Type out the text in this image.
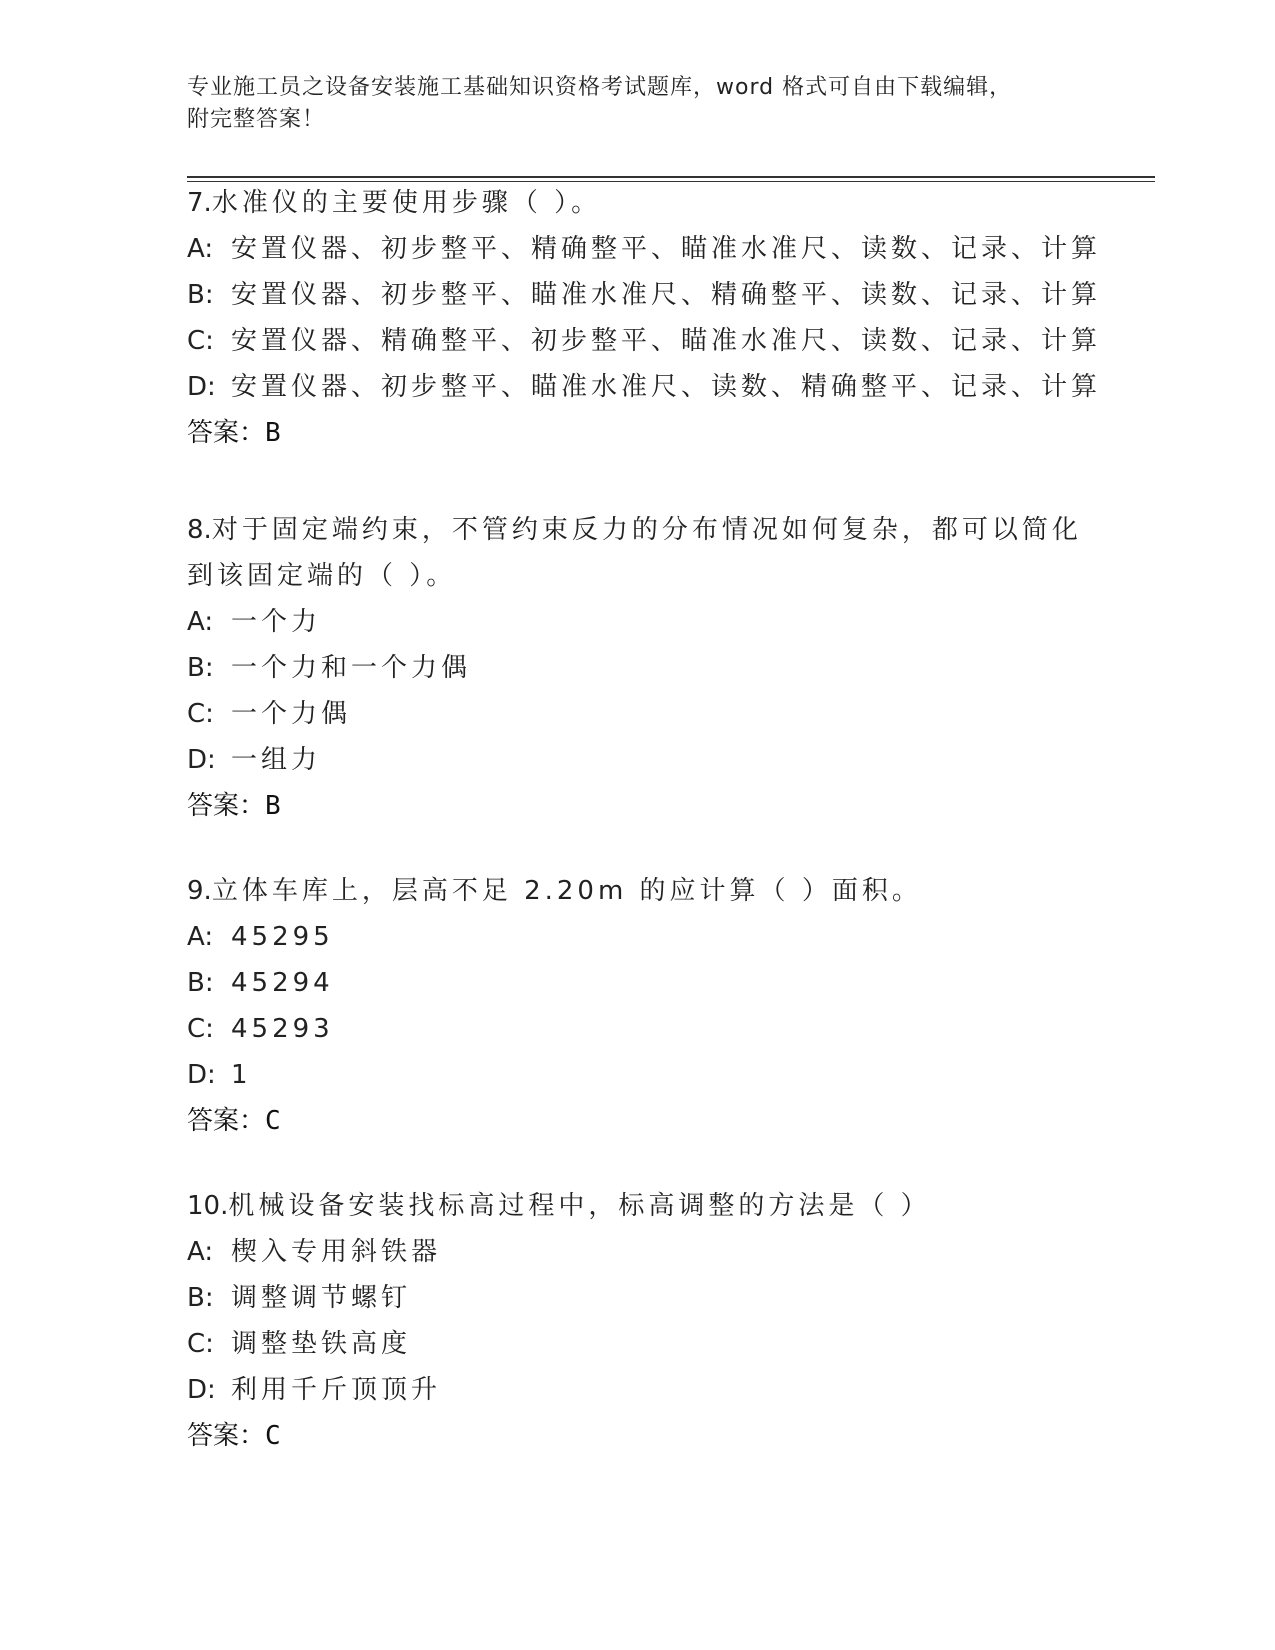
专业施工员之设备安装施工基础知识资格考试题库，word 格式可自由下载编辑，
附完整答案！
7.水准仪的主要使用步骤（ ）。
A: 安置仪器、初步整平、精确整平、瞄准水准尺、读数、记录、计算
B: 安置仪器、初步整平、瞄准水准尺、精确整平、读数、记录、计算
C: 安置仪器、精确整平、初步整平、瞄准水准尺、读数、记录、计算
D: 安置仪器、初步整平、瞄准水准尺、读数、精确整平、记录、计算
答案：B
8.对于固定端约束，不管约束反力的分布情况如何复杂，都可以简化
到该固定端的（ ）。
A: 一个力
B: 一个力和一个力偶
C: 一个力偶
D: 一组力
答案：B
9.立体车库上，层高不足 2.20m 的应计算（ ）面积。
A: 45295
B: 45294
C: 45293
D: 1
答案：C
10.机械设备安装找标高过程中，标高调整的方法是（ ）
A: 楔入专用斜铁器
B: 调整调节螺钉
C: 调整垫铁高度
D: 利用千斤顶顶升
答案：C
